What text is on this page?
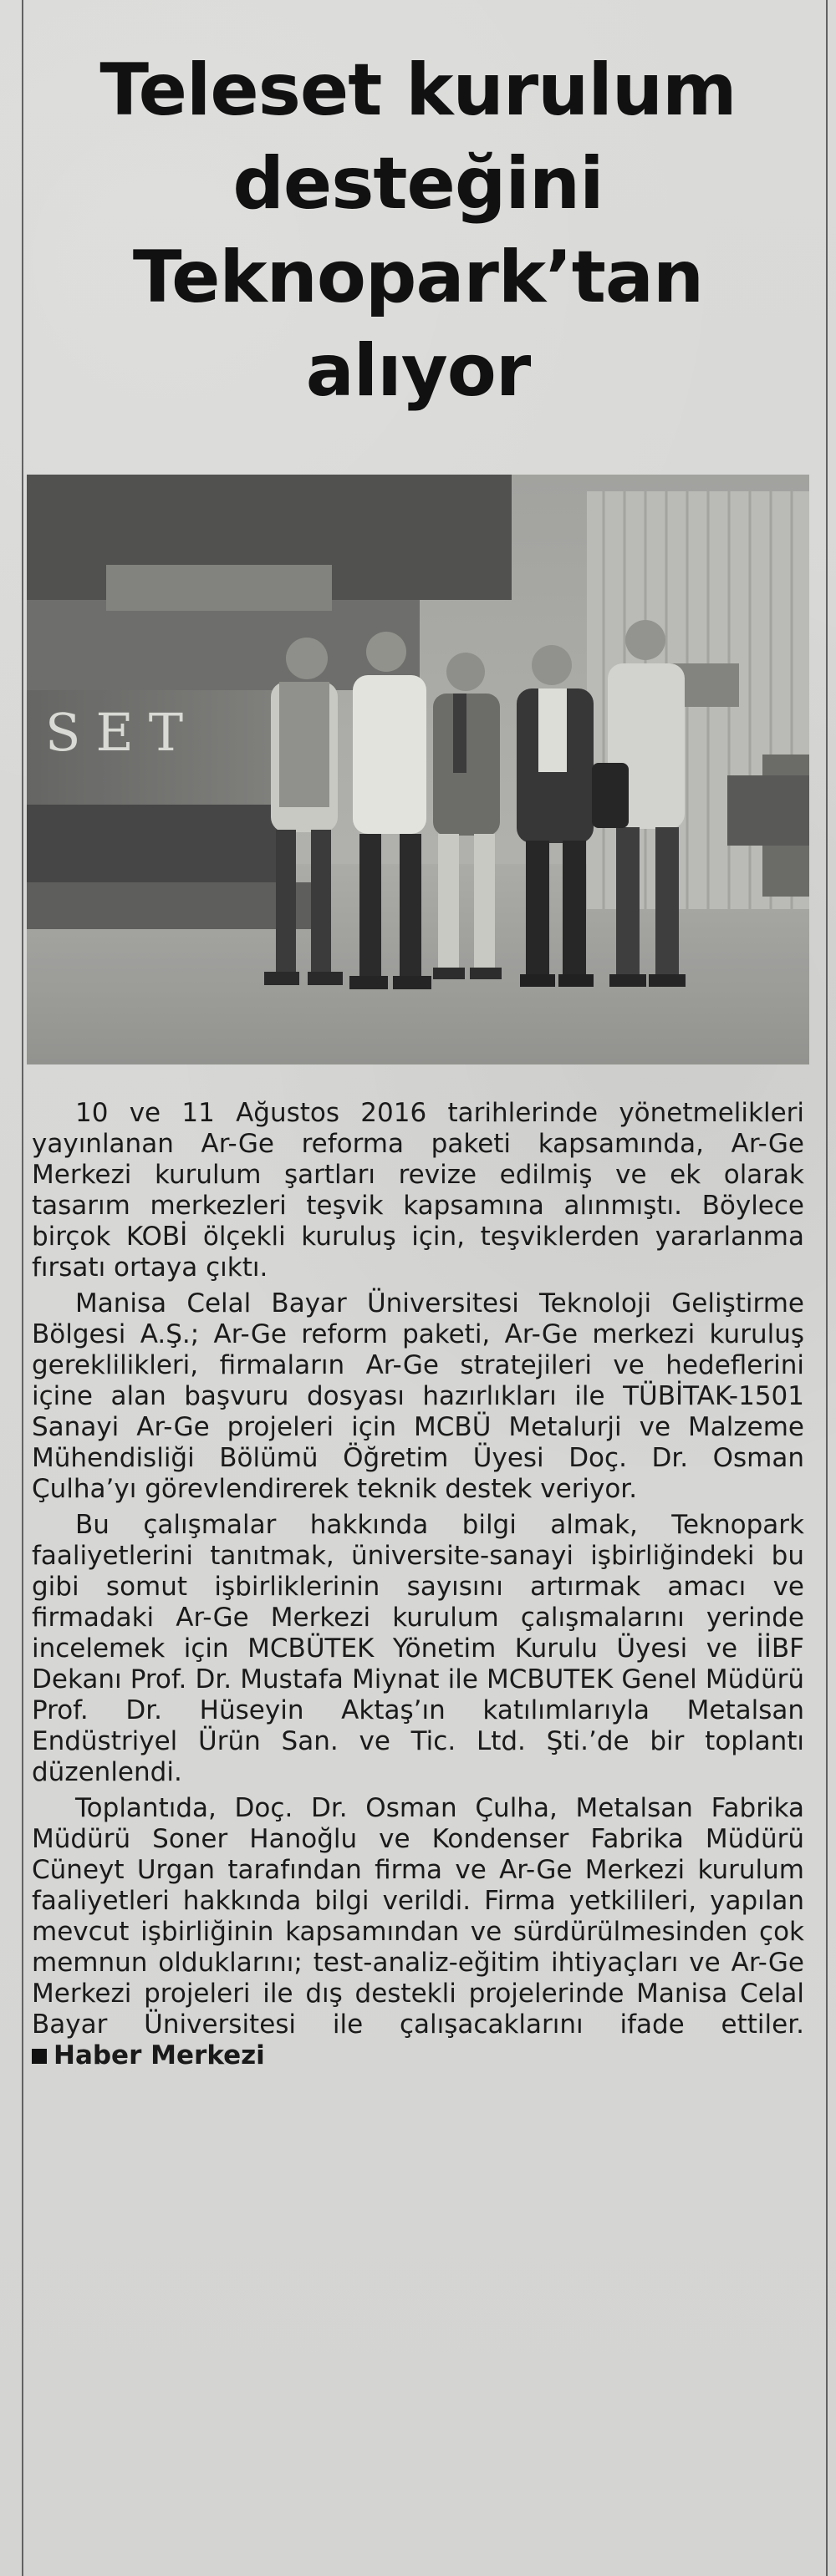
Teleset kurulum
desteğini
Teknopark’tan
alıyor

10 ve 11 Ağustos 2016 tarihlerinde yönetmelikleri yayınlanan Ar-Ge reforma paketi kapsamında, Ar-Ge Merkezi kurulum şartları revize edilmiş ve ek olarak tasarım merkezleri teşvik kapsamına alınmıştı. Böylece birçok KOBİ ölçekli kuruluş için, teşviklerden yararlanma fırsatı ortaya çıktı.

Manisa Celal Bayar Üniversitesi Teknoloji Geliştirme Bölgesi A.Ş.; Ar-Ge reform paketi, Ar-Ge merkezi kuruluş gereklilikleri, firmaların Ar-Ge stratejileri ve hedeflerini içine alan başvuru dosyası hazırlıkları ile TÜBİTAK-1501 Sanayi Ar-Ge projeleri için MCBÜ Metalurji ve Malzeme Mühendisliği Bölümü Öğretim Üyesi Doç. Dr. Osman Çulha’yı görevlendirerek teknik destek veriyor.

Bu çalışmalar hakkında bilgi almak, Teknopark faaliyetlerini tanıtmak, üniversite-sanayi işbirliğindeki bu gibi somut işbirliklerinin sayısını artırmak amacı ve firmadaki Ar-Ge Merkezi kurulum çalışmalarını yerinde incelemek için MCBÜTEK Yönetim Kurulu Üyesi ve İİBF Dekanı Prof. Dr. Mustafa Miynat ile MCBUTEK Genel Müdürü Prof. Dr. Hüseyin Aktaş’ın katılımlarıyla Metalsan Endüstriyel Ürün San. ve Tic. Ltd. Şti.’de bir toplantı düzenlendi.

Toplantıda, Doç. Dr. Osman Çulha, Metalsan Fabrika Müdürü Soner Hanoğlu ve Kondenser Fabrika Müdürü Cüneyt Urgan tarafından firma ve Ar-Ge Merkezi kurulum faaliyetleri hakkında bilgi verildi. Firma yetkilileri, yapılan mevcut işbirliğinin kapsamından ve sürdürülmesinden çok memnun olduklarını; test-analiz-eğitim ihtiyaçları ve Ar-Ge Merkezi projeleri ile dış destekli projelerinde Manisa Celal Bayar Üniversitesi ile çalışacaklarını ifade ettiler. Haber Merkezi
